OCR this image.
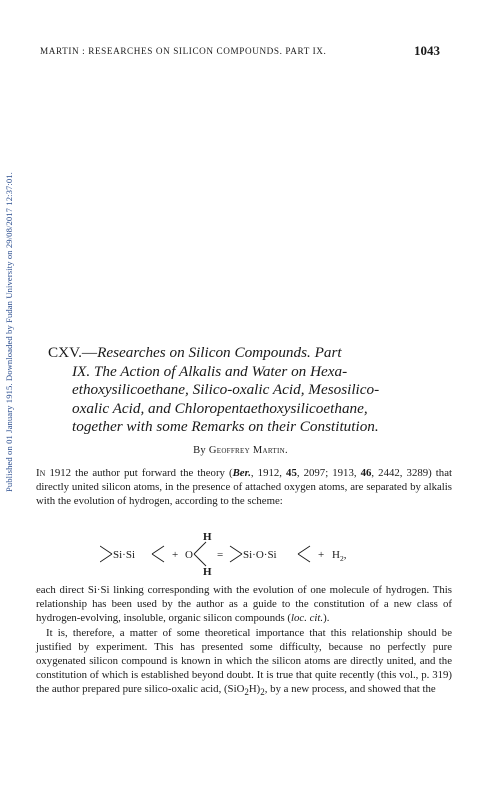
Published on 01 January 1915. Downloaded by Fudan University on 29/08/2017 12:37:01.
MARTIN : RESEARCHES ON SILICON COMPOUNDS. PART IX.	1043
CXV.—Researches on Silicon Compounds. Part
IX. The Action of Alkalis and Water on Hexa-
ethoxysilicoethane, Silico-oxalic Acid, Mesosilico-
oxalic Acid, and Chloropentaethoxysilicoethane,
together with some Remarks on their Constitution.
By Geoffrey Martin.

In 1912 the author put forward the theory (Ber., 1912, 45, 2097; 1913, 46, 2442, 3289) that directly united silicon atoms, in the presence of attached oxygen atoms, are separated by alkalis with the evolution of hydrogen, according to the scheme:

Si·Si	+ O
H
H
= Si·O·Si	+ $H_2$,

each direct Si·Si linking corresponding with the evolution of one molecule of hydrogen. This relationship has been used by the author as a guide to the constitution of a new class of hydrogen-evolving, insoluble, organic silicon compounds (loc. cit.).

It is, therefore, a matter of some theoretical importance that this relationship should be justified by experiment. This has presented some difficulty, because no perfectly pure oxygenated silicon compound is known in which the silicon atoms are directly united, and the constitution of which is established beyond doubt. It is true that quite recently (this vol., p. 319) the author prepared pure silico-oxalic acid, $(SiO_2H)_2$, by a new process, and showed that the
